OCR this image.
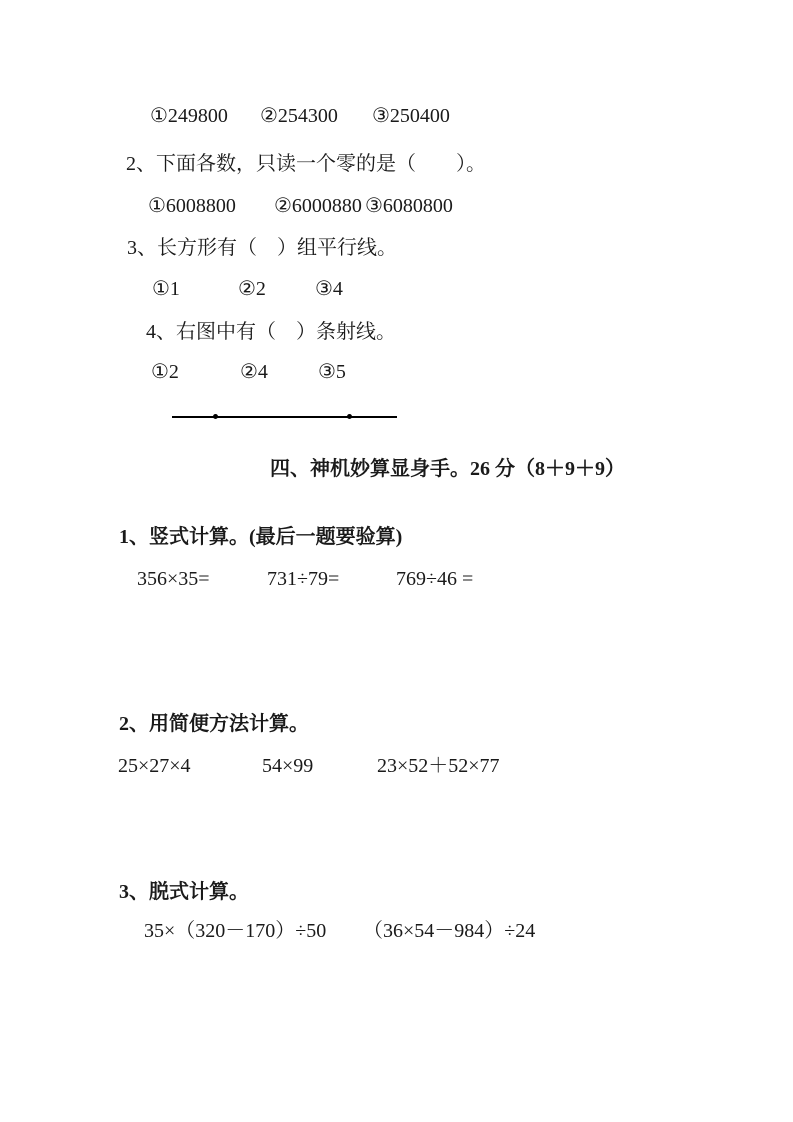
①249800 ②254300 ③250400
2、下面各数，只读一个零的是（　　）。
①6008800 ②6000880 ③6080800
3、长方形有（　）组平行线。
①1	②2 ③4
4、右图中有（　）条射线。
①2	②4	③5
四、神机妙算显身手。26 分（8＋9＋9）
1、竖式计算。(最后一题要验算)
356×35=	731÷79=	769÷46 =
2、用简便方法计算。
25×27×4	54×99	23×52＋52×77
3、脱式计算。
35×（320－170）÷50 （36×54－984）÷24
